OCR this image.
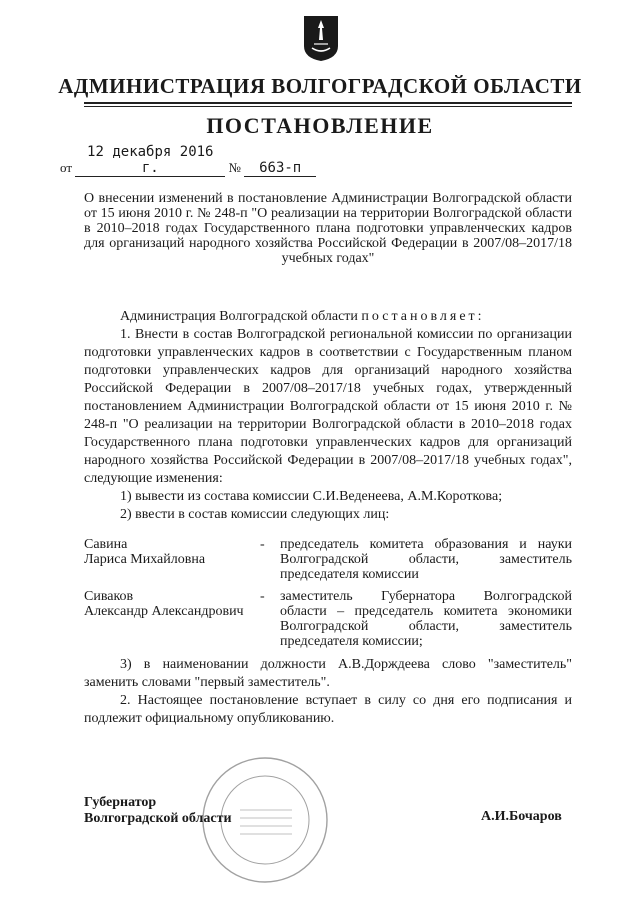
АДМИНИСТРАЦИЯ ВОЛГОГРАДСКОЙ ОБЛАСТИ
ПОСТАНОВЛЕНИЕ
от 12 декабря 2016 г.	№ 663-п
О внесении изменений в постановление Администрации Волгоградской области от 15 июня 2010 г. № 248-п "О реализации на территории Волгоградской области в 2010–2018 годах Государственного плана подготовки управленческих кадров для организаций народного хозяйства Российской Федерации в 2007/08–2017/18 учебных годах"

Администрация Волгоградской области постановляет:

1. Внести в состав Волгоградской региональной комиссии по организации подготовки управленческих кадров в соответствии с Государственным планом подготовки управленческих кадров для организаций народного хозяйства Российской Федерации в 2007/08–2017/18 учебных годах, утвержденный постановлением Администрации Волгоградской области от 15 июня 2010 г. № 248-п "О реализации на территории Волгоградской области в 2010–2018 годах Государственного плана подготовки управленческих кадров для организаций народного хозяйства Российской Федерации в 2007/08–2017/18 учебных годах", следующие изменения:

1) вывести из состава комиссии С.И.Веденеева, А.М.Короткова;

2) ввести в состав комиссии следующих лиц:

Савина
Лариса Михайловна
- председатель комитета образования и науки Волгоградской области, заместитель председателя комиссии
Сиваков
Александр Александрович
- заместитель Губернатора Волгоградской области – председатель комитета экономики Волгоградской области, заместитель председателя комиссии;

3) в наименовании должности А.В.Дорждеева слово "заместитель" заменить словами "первый заместитель".

2. Настоящее постановление вступает в силу со дня его подписания и подлежит официальному опубликованию.

Губернатор
Волгоградской области	А.И.Бочаров
